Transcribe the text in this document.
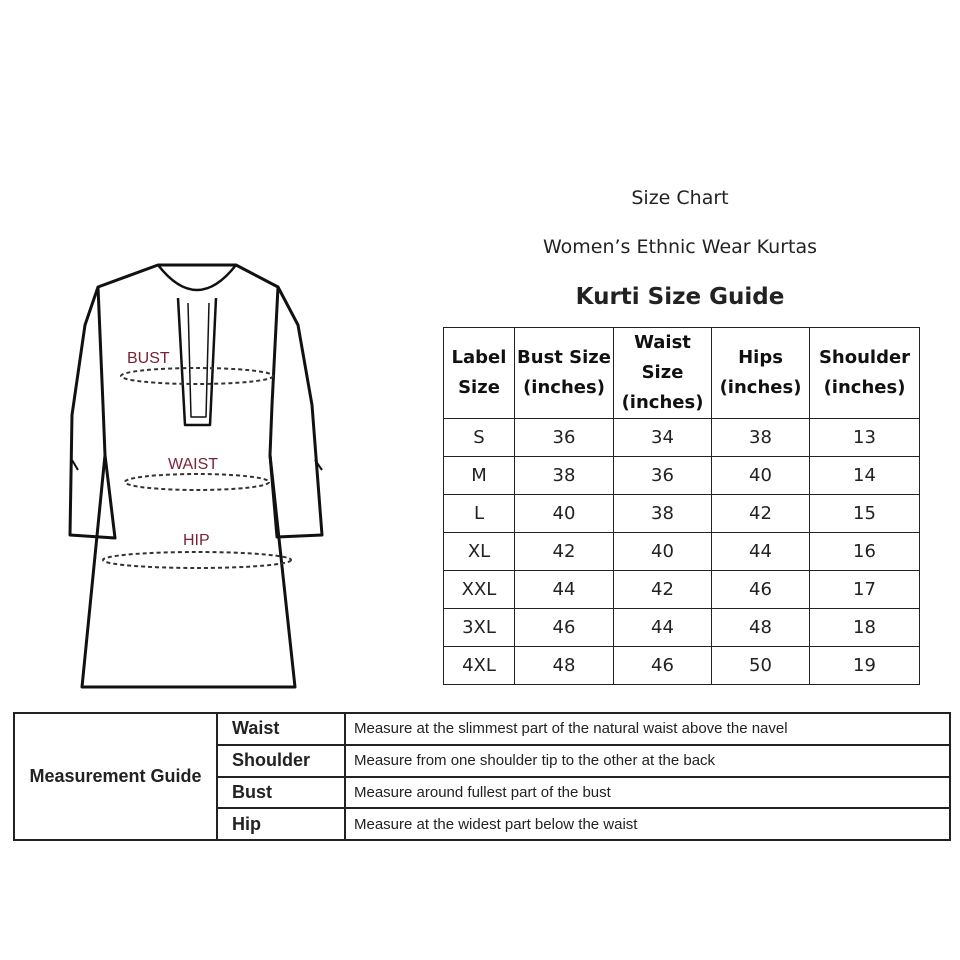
Size Chart
Women’s Ethnic Wear Kurtas
Kurti Size Guide
BUST
WAIST
HIP
Label Size	Bust Size (inches)	Waist Size (inches)	Hips (inches)	Shoulder (inches)
S	36	34	38	13
M	38	36	40	14
L	40	38	42	15
XL	42	40	44	16
XXL	44	42	46	17
3XL	46	44	48	18
4XL	48	46	50	19
Measurement Guide	Waist	Measure at the slimmest part of the natural waist above the navel
	Shoulder	Measure from one shoulder tip to the other at the back
	Bust	Measure around fullest part of the bust
	Hip	Measure at the widest part below the waist
